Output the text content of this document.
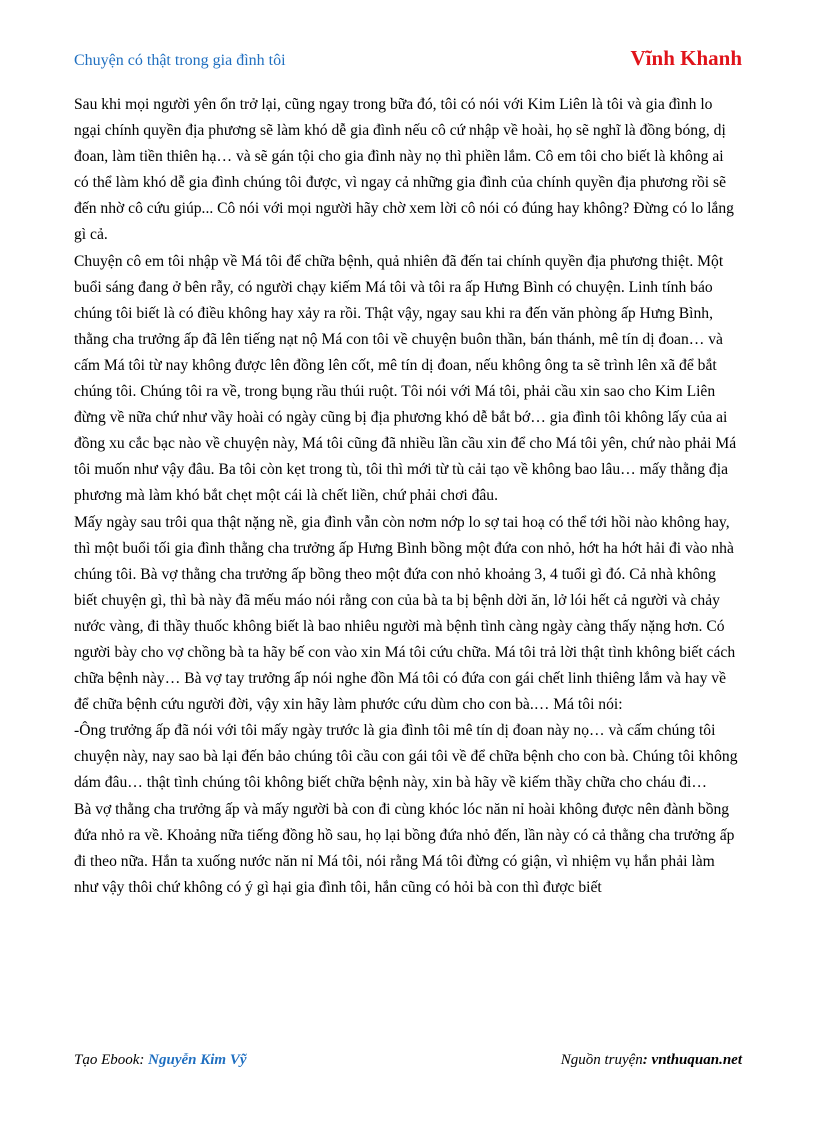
Chuyện có thật trong gia đình tôi	Vĩnh Khanh

Sau khi mọi người yên ổn trở lại, cũng ngay trong bữa đó, tôi có nói với Kim Liên là tôi và gia đình lo ngại chính quyền địa phương sẽ làm khó dễ gia đình nếu cô cứ nhập về hoài, họ sẽ nghĩ là đồng bóng, dị đoan, làm tiền thiên hạ… và sẽ gán tội cho gia đình này nọ thì phiền lắm. Cô em tôi cho biết là không ai có thể làm khó dễ gia đình chúng tôi được, vì ngay cả những gia đình của chính quyền địa phương rồi sẽ đến nhờ cô cứu giúp... Cô nói với mọi người hãy chờ xem lời cô nói có đúng hay không? Đừng có lo lắng gì cả.

Chuyện cô em tôi nhập về Má tôi để chữa bệnh, quả nhiên đã đến tai chính quyền địa phương thiệt. Một buổi sáng đang ở bên rẫy, có người chạy kiếm Má tôi và tôi ra ấp Hưng Bình có chuyện. Linh tính báo chúng tôi biết là có điều không hay xảy ra rồi. Thật vậy, ngay sau khi ra đến văn phòng ấp Hưng Bình, thằng cha trưởng ấp đã lên tiếng nạt nộ Má con tôi về chuyện buôn thần, bán thánh, mê tín dị đoan… và cấm Má tôi từ nay không được lên đồng lên cốt, mê tín dị đoan, nếu không ông ta sẽ trình lên xã để bắt chúng tôi. Chúng tôi ra về, trong bụng rầu thúi ruột. Tôi nói với Má tôi, phải cầu xin sao cho Kim Liên đừng về nữa chứ như vầy hoài có ngày cũng bị địa phương khó dễ bắt bớ… gia đình tôi không lấy của ai đồng xu cắc bạc nào về chuyện này, Má tôi cũng đã nhiều lần cầu xin để cho Má tôi yên, chứ nào phải Má tôi muốn như vậy đâu. Ba tôi còn kẹt trong tù, tôi thì mới từ tù cải tạo về không bao lâu… mấy thằng địa phương mà làm khó bắt chẹt một cái là chết liền, chứ phải chơi đâu.

Mấy ngày sau trôi qua thật nặng nề, gia đình vẫn còn nơm nớp lo sợ tai hoạ có thể tới hồi nào không hay, thì một buổi tối gia đình thằng cha trưởng ấp Hưng Bình bồng một đứa con nhỏ, hớt ha hớt hải đi vào nhà chúng tôi. Bà vợ thằng cha trưởng ấp bồng theo một đứa con nhỏ khoảng 3, 4 tuổi gì đó. Cả nhà không biết chuyện gì, thì bà này đã mếu máo nói rằng con của bà ta bị bệnh dời ăn, lở lói hết cả người và chảy nước vàng, đi thầy thuốc không biết là bao nhiêu người mà bệnh tình càng ngày càng thấy nặng hơn. Có người bày cho vợ chồng bà ta hãy bế con vào xin Má tôi cứu chữa. Má tôi trả lời thật tình không biết cách chữa bệnh này… Bà vợ tay trưởng ấp nói nghe đồn Má tôi có đứa con gái chết linh thiêng lắm và hay về để chữa bệnh cứu người đời, vậy xin hãy làm phước cứu dùm cho con bà.… Má tôi nói:

-Ông trưởng ấp đã nói với tôi mấy ngày trước là gia đình tôi mê tín dị đoan này nọ… và cấm chúng tôi chuyện này, nay sao bà lại đến bảo chúng tôi cầu con gái tôi về để chữa bệnh cho con bà. Chúng tôi không dám đâu… thật tình chúng tôi không biết chữa bệnh này, xin bà hãy về kiếm thầy chữa cho cháu đi…

Bà vợ thằng cha trưởng ấp và mấy người bà con đi cùng khóc lóc năn nỉ hoài không được nên đành bồng đứa nhỏ ra về. Khoảng nữa tiếng đồng hồ sau, họ lại bồng đứa nhỏ đến, lần này có cả thằng cha trưởng ấp đi theo nữa. Hắn ta xuống nước năn nỉ Má tôi, nói rằng Má tôi đừng có giận, vì nhiệm vụ hắn phải làm như vậy thôi chứ không có ý gì hại gia đình tôi, hắn cũng có hỏi bà con thì được biết

Tạo Ebook: Nguyễn Kim Vỹ	Nguồn truyện: vnthuquan.net
